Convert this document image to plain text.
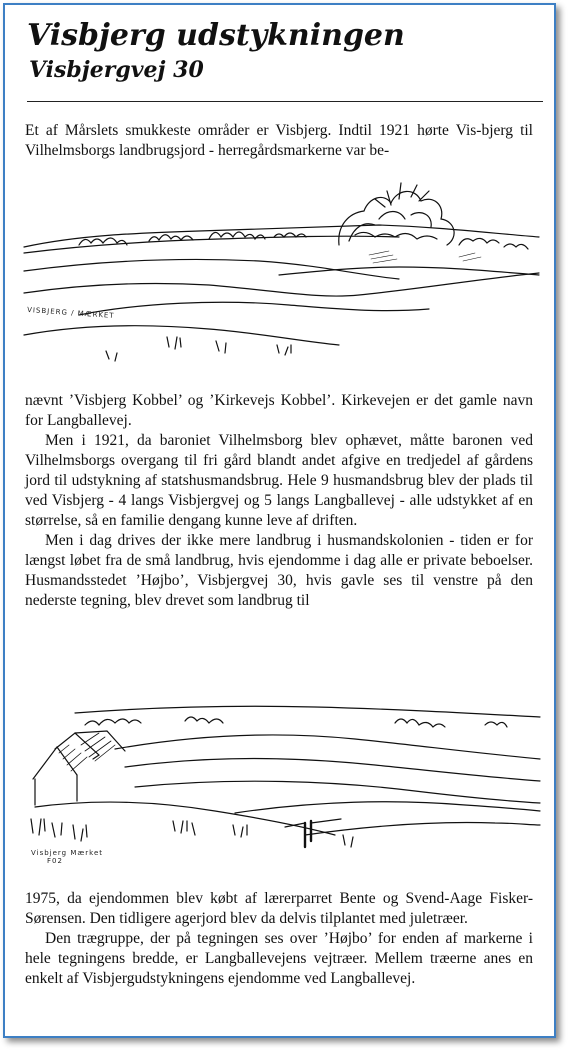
Visbjerg udstykningen
Visbjergvej 30

Et af Mårslets smukkeste områder er Visbjerg. Indtil 1921 hørte Vis-bjerg til Vilhelmsborgs landbrugsjord - herregårdsmarkerne var be-

VISBJERG / MÆRKET

nævnt ’Visbjerg Kobbel’ og ’Kirkevejs Kobbel’. Kirkevejen er det gamle navn for Langballevej.

Men i 1921, da baroniet Vilhelmsborg blev ophævet, måtte baronen ved Vilhelmsborgs overgang til fri gård blandt andet afgive en tredjedel af gårdens jord til udstykning af statshusmandsbrug. Hele 9 husmandsbrug blev der plads til ved Visbjerg - 4 langs Visbjergvej og 5 langs Langballevej - alle udstykket af en størrelse, så en familie dengang kunne leve af driften.

Men i dag drives der ikke mere landbrug i husmandskolonien - tiden er for længst løbet fra de små landbrug, hvis ejendomme i dag alle er private beboelser. Husmandsstedet ’Højbo’, Visbjergvej 30, hvis gavle ses til venstre på den nederste tegning, blev drevet som landbrug til

Visbjerg Mærket
F02

1975, da ejendommen blev købt af lærerparret Bente og Svend-Aage Fisker-Sørensen. Den tidligere agerjord blev da delvis tilplantet med juletræer.

Den trægruppe, der på tegningen ses over ’Højbo’ for enden af markerne i hele tegningens bredde, er Langballevejens vejtræer. Mellem træerne anes en enkelt af Visbjergudstykningens ejendomme ved Langballevej.
